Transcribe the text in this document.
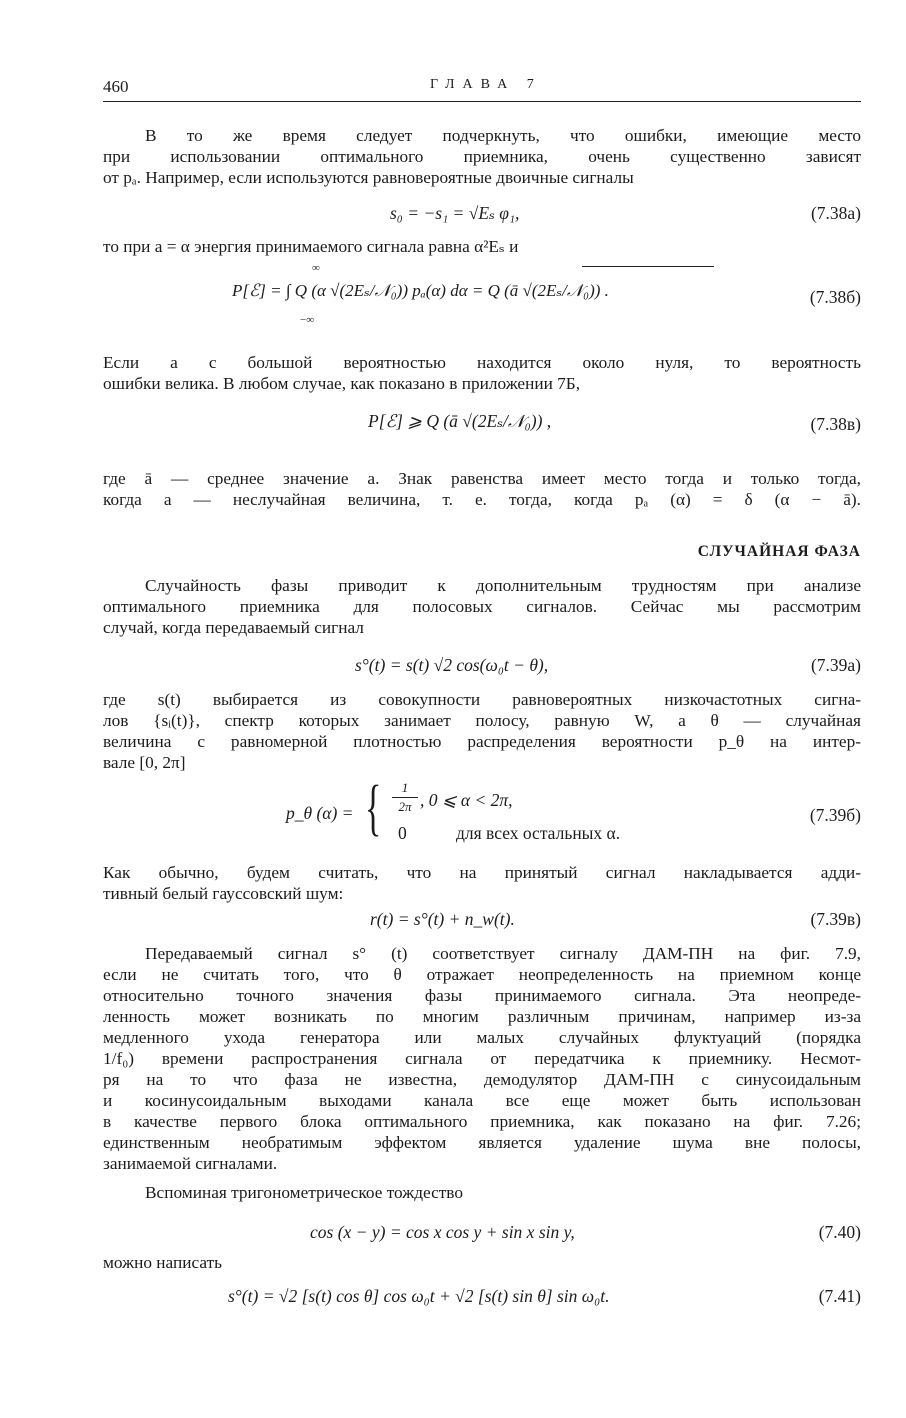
460	ГЛАВА 7
В то же время следует подчеркнуть, что ошибки, имеющие место
при использовании оптимального приемника, очень существенно зависят
от pₐ. Например, если используются равновероятные двоичные сигналы
s₀ = −s₁ = √Eₛ φ₁,	(7.38а)
то при a = α энергия принимаемого сигнала равна α²Eₛ и
P[ℰ] = ∫ Q (α √(2Eₛ/𝒩₀)) pₐ(α) dα = Q (ā √(2Eₛ/𝒩₀)) .
∞
−∞
(7.38б)
Если a с большой вероятностью находится около нуля, то вероятность
ошибки велика. В любом случае, как показано в приложении 7Б,
P[ℰ] ⩾ Q (ā √(2Eₛ/𝒩₀)) ,	(7.38в)
где ā — среднее значение a. Знак равенства имеет место тогда и только тогда,
когда a — неслучайная величина, т. е. тогда, когда pₐ (α) = δ (α − ā).
СЛУЧАЙНАЯ ФАЗА
Случайность фазы приводит к дополнительным трудностям при анализе
оптимального приемника для полосовых сигналов. Сейчас мы рассмотрим
случай, когда передаваемый сигнал
s°(t) = s(t) √2 cos(ω₀t − θ),	(7.39а)
где s(t) выбирается из совокупности равновероятных низкочастотных сигна-
лов {sᵢ(t)}, спектр которых занимает полосу, равную W, а θ — случайная
величина с равномерной плотностью распределения вероятности p_θ на интер-
вале [0, 2π]
p_θ (α) = {	1
2π , 0 ⩽ α < 2π,
0	для всех остальных α.
(7.39б)
Как обычно, будем считать, что на принятый сигнал накладывается адди-
тивный белый гауссовский шум:
r(t) = s°(t) + n_w(t).	(7.39в)
Передаваемый сигнал s° (t) соответствует сигналу ДАМ-ПН на фиг. 7.9,
если не считать того, что θ отражает неопределенность на приемном конце
относительно точного значения фазы принимаемого сигнала. Эта неопреде-
ленность может возникать по многим различным причинам, например из-за
медленного ухода генератора или малых случайных флуктуаций (порядка
1/f₀) времени распространения сигнала от передатчика к приемнику. Несмот-
ря на то что фаза не известна, демодулятор ДАМ-ПН с синусоидальным
и косинусоидальным выходами канала все еще может быть использован
в качестве первого блока оптимального приемника, как показано на фиг. 7.26;
единственным необратимым эффектом является удаление шума вне полосы,
занимаемой сигналами.
Вспоминая тригонометрическое тождество
cos (x − y) = cos x cos y + sin x sin y,	(7.40)
можно написать
s°(t) = √2 [s(t) cos θ] cos ω₀t + √2 [s(t) sin θ] sin ω₀t.	(7.41)
